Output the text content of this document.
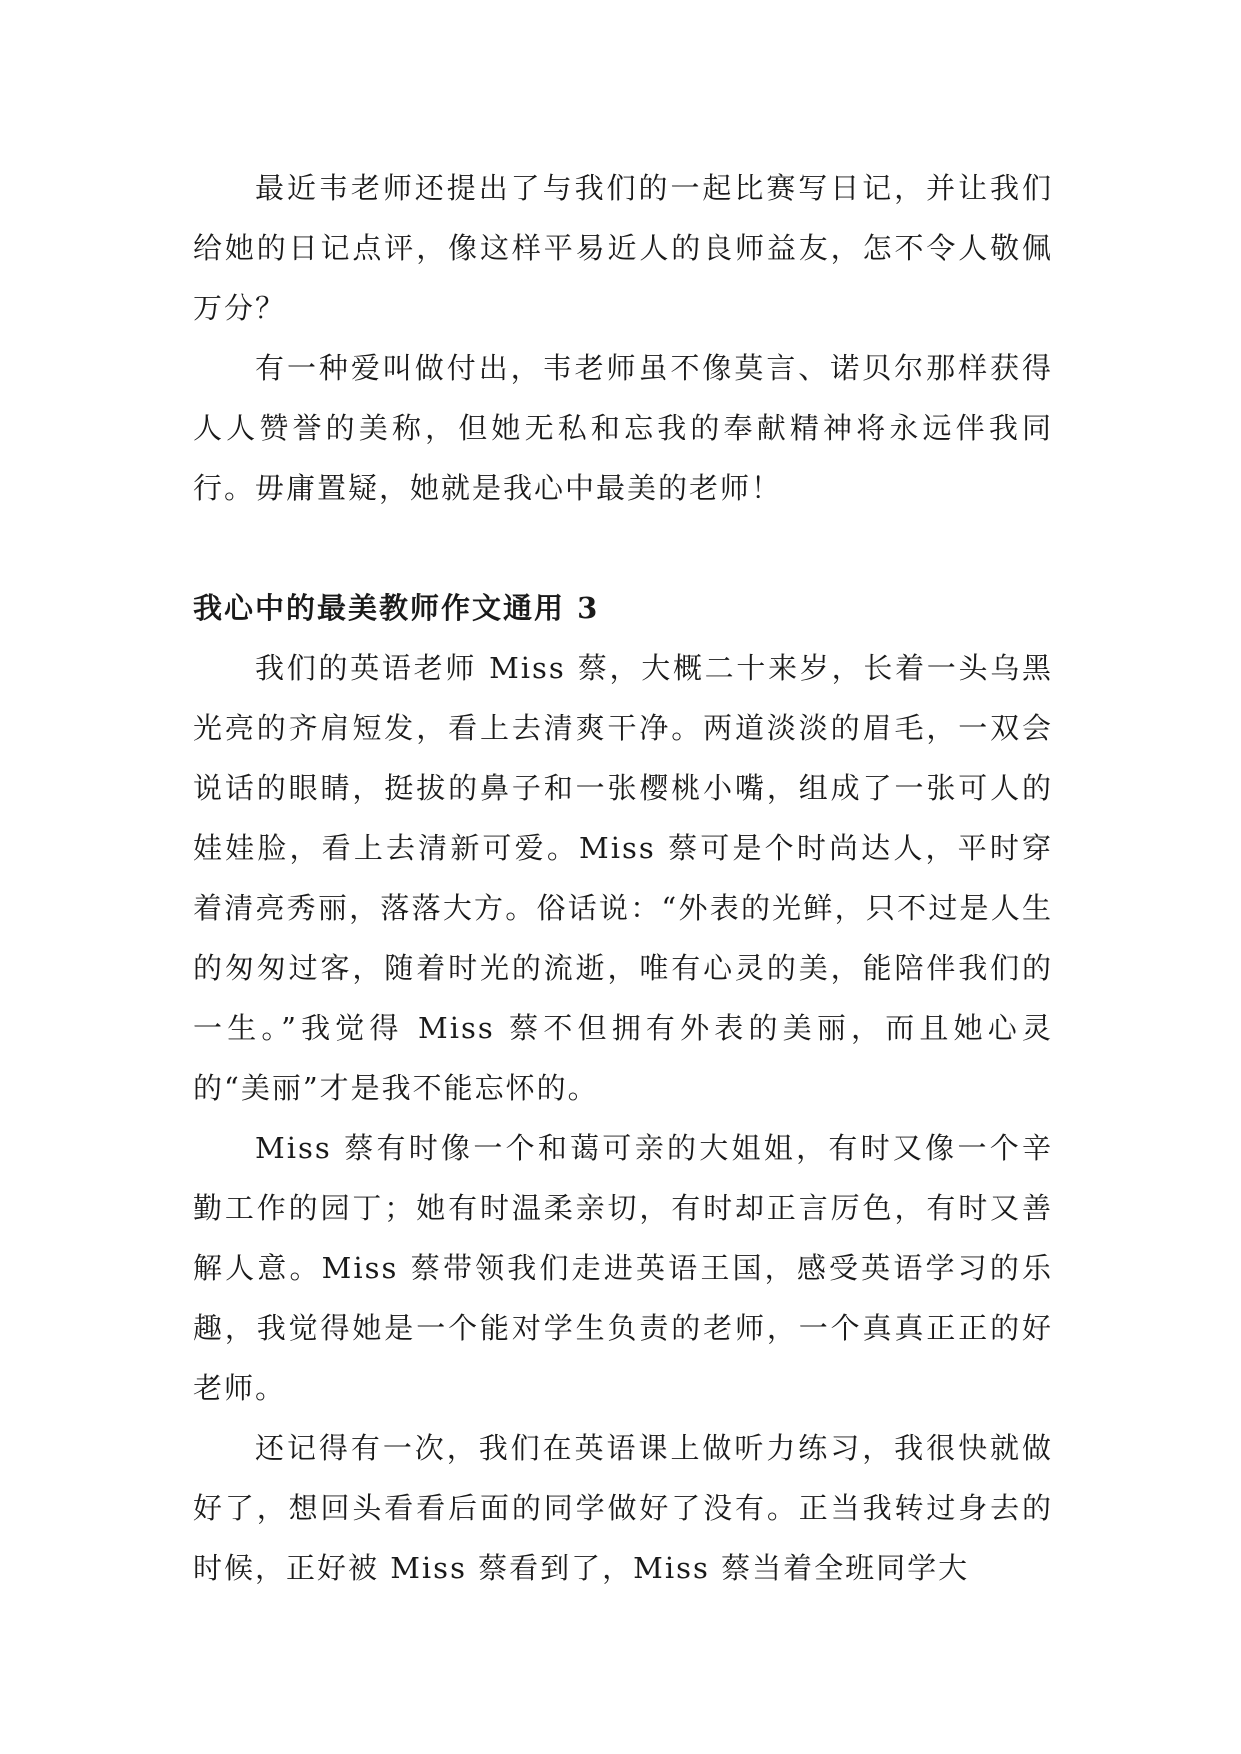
最近韦老师还提出了与我们的一起比赛写日记，并让我们给她的日记点评，像这样平易近人的良师益友，怎不令人敬佩万分？

有一种爱叫做付出，韦老师虽不像莫言、诺贝尔那样获得人人赞誉的美称，但她无私和忘我的奉献精神将永远伴我同行。毋庸置疑，她就是我心中最美的老师！

我心中的最美教师作文通用 3

我们的英语老师 Miss 蔡，大概二十来岁，长着一头乌黑光亮的齐肩短发，看上去清爽干净。两道淡淡的眉毛，一双会说话的眼睛，挺拔的鼻子和一张樱桃小嘴，组成了一张可人的娃娃脸，看上去清新可爱。Miss 蔡可是个时尚达人，平时穿着清亮秀丽，落落大方。俗话说：“外表的光鲜，只不过是人生的匆匆过客，随着时光的流逝，唯有心灵的美，能陪伴我们的一生。”我觉得 Miss 蔡不但拥有外表的美丽，而且她心灵的“美丽”才是我不能忘怀的。

Miss 蔡有时像一个和蔼可亲的大姐姐，有时又像一个辛勤工作的园丁；她有时温柔亲切，有时却正言厉色，有时又善解人意。Miss 蔡带领我们走进英语王国，感受英语学习的乐趣，我觉得她是一个能对学生负责的老师，一个真真正正的好老师。

还记得有一次，我们在英语课上做听力练习，我很快就做好了，想回头看看后面的同学做好了没有。正当我转过身去的时候，正好被 Miss 蔡看到了，Miss 蔡当着全班同学大
